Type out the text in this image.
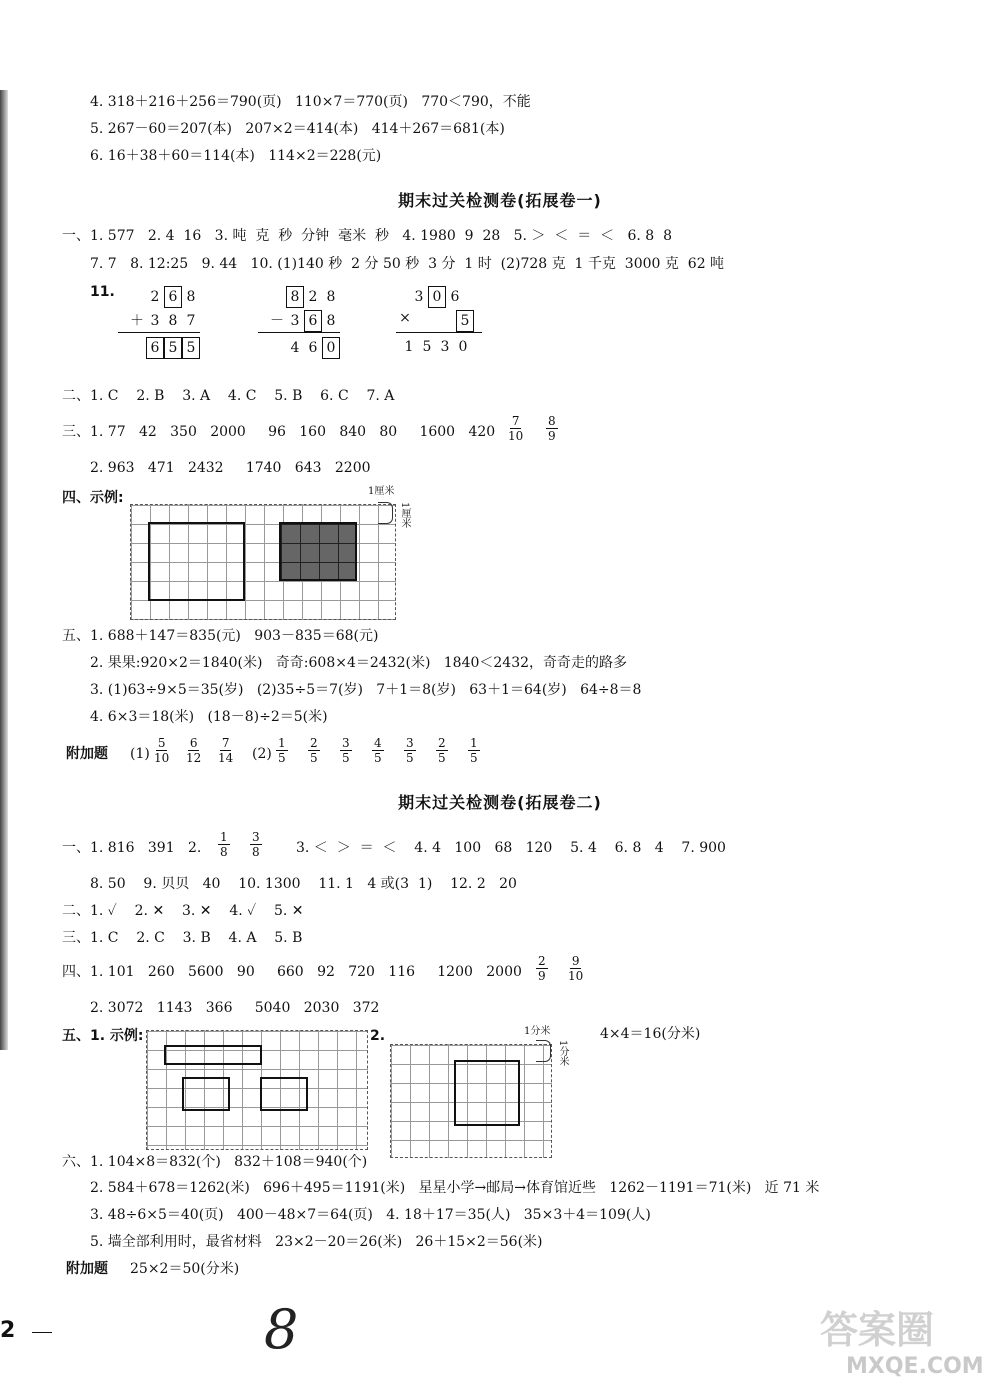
4. 318＋216＋256＝790(页)   110×7＝770(页)   770＜790，不能
5. 267－60＝207(本)   207×2＝414(本)   414＋267＝681(本)
6. 16＋38＋60＝114(本)   114×2＝228(元)
期末过关检测卷(拓展卷一)
一、1. 577   2. 4  16   3. 吨  克  秒  分钟  毫米  秒   4. 1980  9  28   5. ＞  ＜  ＝  ＜   6. 8  8
7. 7   8. 12:25   9. 44   10. (1)140 秒  2 分 50 秒  3 分  1 时  (2)728 克  1 千克  3000 克  62 吨
11.	2 6 8
＋ 3 8 7
6 5 5
8 2 8
－ 3 6 8
4 6 0
3 0 6
×	5
1 5 3 0
二、1. C    2. B    3. A    4. C    5. B    6. C    7. A
三、1. 77   42   350   2000     96   160   840   80     1600   $420 \frac{7}{10} \frac{8}{9}$
2. 963   471   2432     1740   643   2200
四、示例:	1厘米
1厘米
五、1. 688＋147＝835(元)   903－835＝68(元)
2. 果果:920×2＝1840(米)   奇奇:608×4＝2432(米)   1840＜2432，奇奇走的路多
3. (1)63÷9×5＝35(岁)   (2)35÷5＝7(岁)   7＋1＝8(岁)   63＋1＝64(岁)   64÷8＝8
4. 6×3＝18(米)   (18－8)÷2＝5(米)
附加题 $(1) \frac{5}{10} \frac{6}{12} \frac{7}{14} (2) \frac{1}{5} \frac{2}{5} \frac{3}{5} \frac{4}{5} \frac{3}{5} \frac{2}{5} \frac{1}{5}$
期末过关检测卷(拓展卷二)
一、1. 816   391   2. $\frac{1}{8} \frac{3}{8} 3$. ＜  ＞  ＝  ＜    4. 4   100   68   120    5. 4    6. 8   4    7. 900
8. 50    9. 贝贝   40    10. 1300    11. 1   4 或(3  1)    12. 2   20
二、1. ✓    2. ✕    3. ✕    4. ✓    5. ✕
三、1. C    2. C    3. B    4. A    5. B
四、1. 101   260   5600   90     660   92   720   116     1200   $2000 \frac{2}{9} \frac{9}{10}$
2. 3072   1143   366     5040   2030   372
五、1. 示例:	2.	1分米
1分米
4×4＝16(分米)
六、1. 104×8＝832(个)   832＋108＝940(个)
2. 584＋678＝1262(米)   696＋495＝1191(米)   星星小学→邮局→体育馆近些   1262－1191＝71(米)   近 71 米
3. 48÷6×5＝40(页)   400－48×7＝64(页)   4. 18＋17＝35(人)   35×3＋4＝109(人)
5. 墙全部利用时，最省材料   23×2－20＝26(米)   26＋15×2＝56(米)
附加题 25×2＝50(分米)
2	8	答案圈
MXQE.COM
